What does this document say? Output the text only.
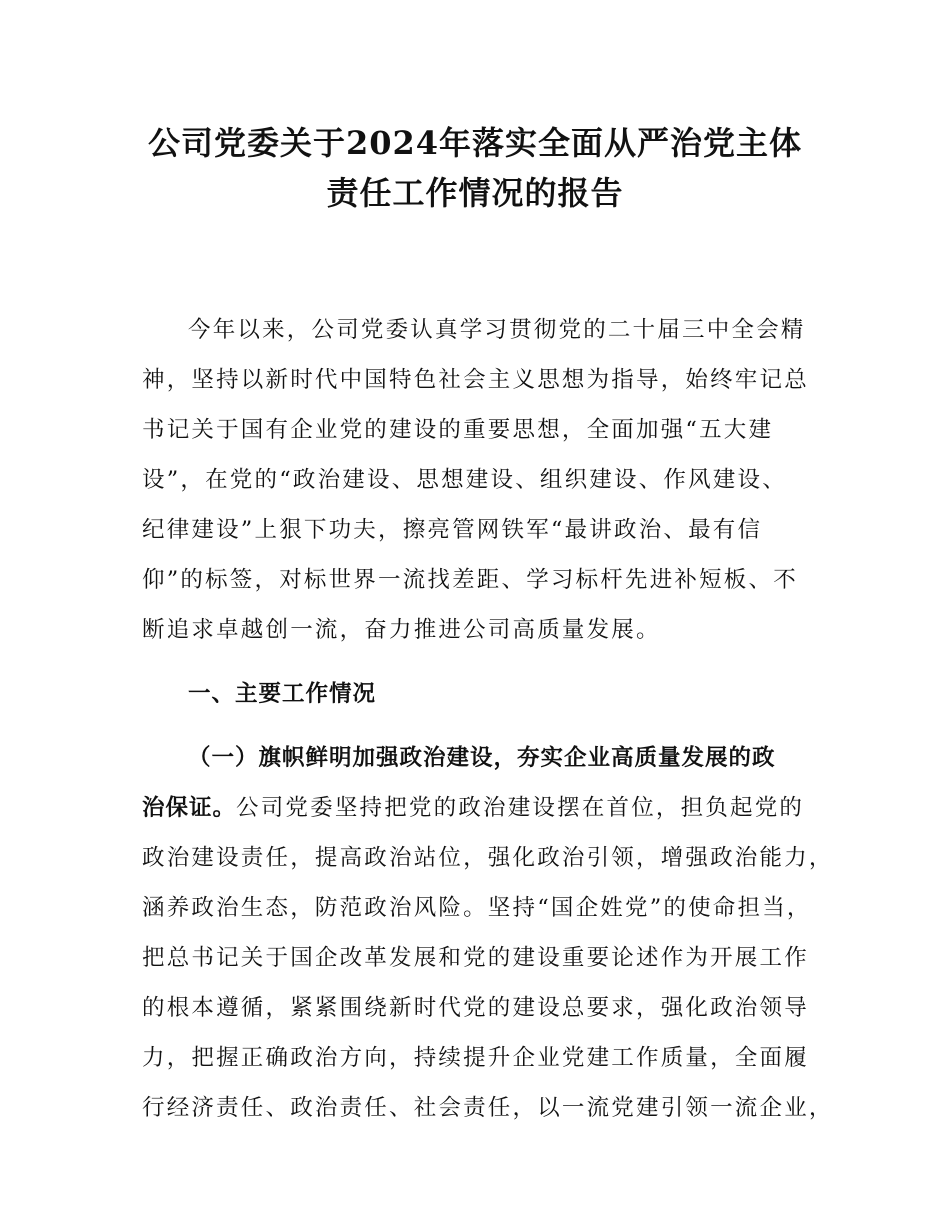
公司党委关于2024年落实全面从严治党主体
责任工作情况的报告
今年以来，公司党委认真学习贯彻党的二十届三中全会精
神，坚持以新时代中国特色社会主义思想为指导，始终牢记总
书记关于国有企业党的建设的重要思想，全面加强“五大建
设”，在党的“政治建设、思想建设、组织建设、作风建设、
纪律建设”上狠下功夫，擦亮管网铁军“最讲政治、最有信
仰”的标签，对标世界一流找差距、学习标杆先进补短板、不
断追求卓越创一流，奋力推进公司高质量发展。
一、主要工作情况
（一）旗帜鲜明加强政治建设，夯实企业高质量发展的政
治保证。公司党委坚持把党的政治建设摆在首位，担负起党的
政治建设责任，提高政治站位，强化政治引领，增强政治能力，
涵养政治生态，防范政治风险。坚持“国企姓党”的使命担当，
把总书记关于国企改革发展和党的建设重要论述作为开展工作
的根本遵循，紧紧围绕新时代党的建设总要求，强化政治领导
力，把握正确政治方向，持续提升企业党建工作质量，全面履
行经济责任、政治责任、社会责任，以一流党建引领一流企业，
